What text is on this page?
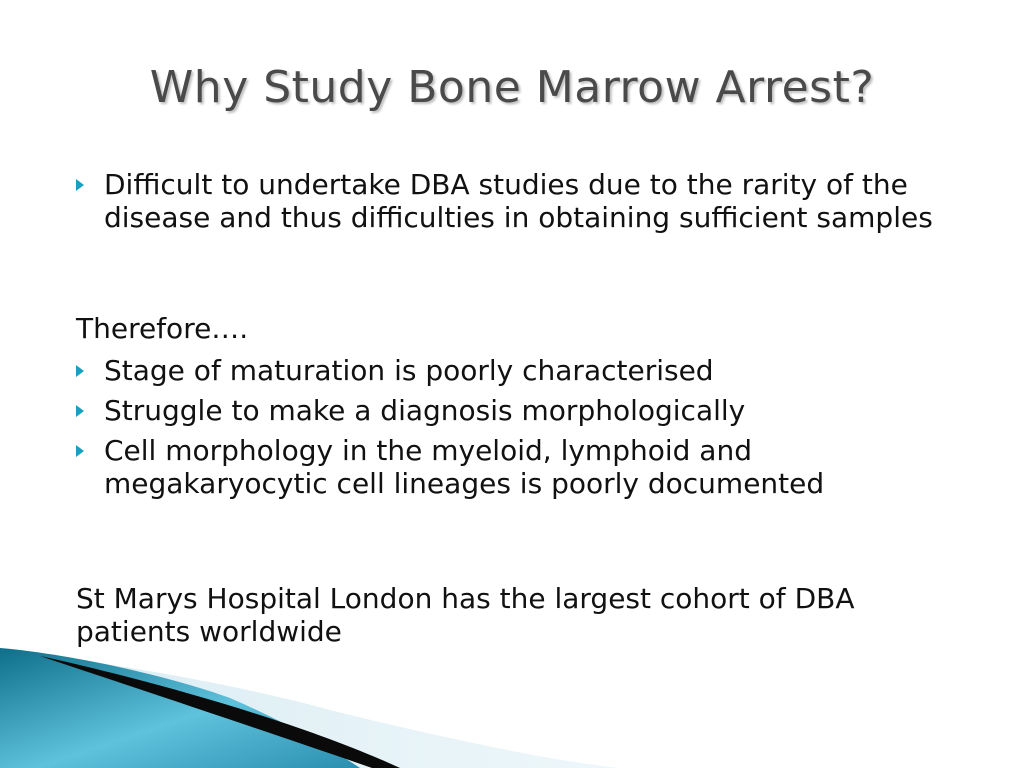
Why Study Bone Marrow Arrest?
Difficult to undertake DBA studies due to the rarity of the disease and thus difficulties in obtaining sufficient samples
Therefore….
Stage of maturation is poorly characterised
Struggle to make a diagnosis morphologically
Cell morphology in the myeloid, lymphoid and megakaryocytic cell lineages is poorly documented
St Marys Hospital London has the largest cohort of DBA patients worldwide
